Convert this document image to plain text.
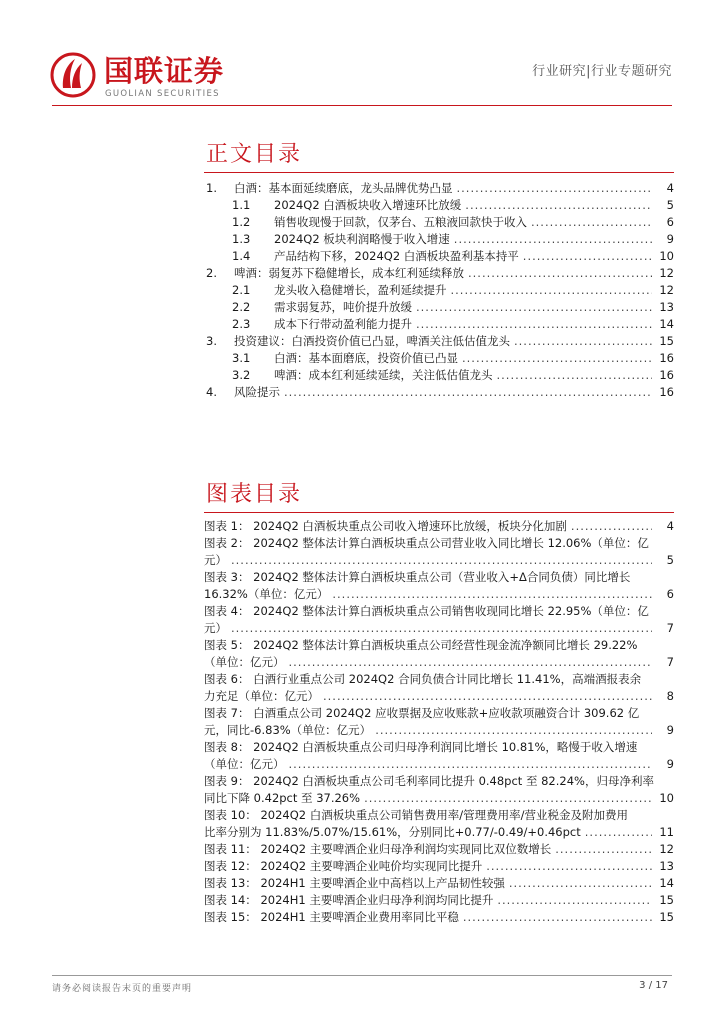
国联证券
GUOLIAN SECURITIES
行业研究|行业专题研究
正文目录
1.	白酒：基本面延续磨底，龙头品牌优势凸显 .....	4
1.1	2024Q2 白酒板块收入增速环比放缓 .....	5
1.2	销售收现慢于回款，仅茅台、五粮液回款快于收入 .....	6
1.3	2024Q2 板块利润略慢于收入增速 .....	9
1.4	产品结构下移，2024Q2 白酒板块盈利基本持平 .....	10
2.	啤酒：弱复苏下稳健增长，成本红利延续释放 .....	12
2.1	龙头收入稳健增长，盈利延续提升 .....	12
2.2	需求弱复苏，吨价提升放缓 .....	13
2.3	成本下行带动盈利能力提升 .....	14
3.	投资建议：白酒投资价值已凸显，啤酒关注低估值龙头 .....	15
3.1	白酒：基本面磨底，投资价值已凸显 .....	16
3.2	啤酒：成本红利延续延续，关注低估值龙头 .....	16
4.	风险提示 .....	16
图表目录
图表 1： 2024Q2 白酒板块重点公司收入增速环比放缓，板块分化加剧 .....	4
图表 2： 2024Q2 整体法计算白酒板块重点公司营业收入同比增长 12.06%（单位：亿
元） .....	5
图表 3： 2024Q2 整体法计算白酒板块重点公司（营业收入+Δ合同负债）同比增长
16.32%（单位：亿元） .....	6
图表 4： 2024Q2 整体法计算白酒板块重点公司销售收现同比增长 22.95%（单位：亿
元） .....	7
图表 5： 2024Q2 整体法计算白酒板块重点公司经营性现金流净额同比增长 29.22%
（单位：亿元） .....	7
图表 6： 白酒行业重点公司 2024Q2 合同负债合计同比增长 11.41%，高端酒报表余
力充足（单位：亿元） .....	8
图表 7： 白酒重点公司 2024Q2 应收票据及应收账款+应收款项融资合计 309.62 亿
元，同比-6.83%（单位：亿元） .....	9
图表 8： 2024Q2 白酒板块重点公司归母净利润同比增长 10.81%，略慢于收入增速
（单位：亿元） .....	9
图表 9： 2024Q2 白酒板块重点公司毛利率同比提升 0.48pct 至 82.24%，归母净利率
同比下降 0.42pct 至 37.26% .....	10
图表 10： 2024Q2 白酒板块重点公司销售费用率/管理费用率/营业税金及附加费用
比率分别为 11.83%/5.07%/15.61%，分别同比+0.77/-0.49/+0.46pct .....	11
图表 11： 2024Q2 主要啤酒企业归母净利润均实现同比双位数增长 .....	12
图表 12： 2024Q2 主要啤酒企业吨价均实现同比提升 .....	13
图表 13： 2024H1 主要啤酒企业中高档以上产品韧性较强 .....	14
图表 14： 2024H1 主要啤酒企业归母净利润均同比提升 .....	15
图表 15： 2024H1 主要啤酒企业费用率同比平稳 .....	15
请务必阅读报告末页的重要声明	3 / 17
